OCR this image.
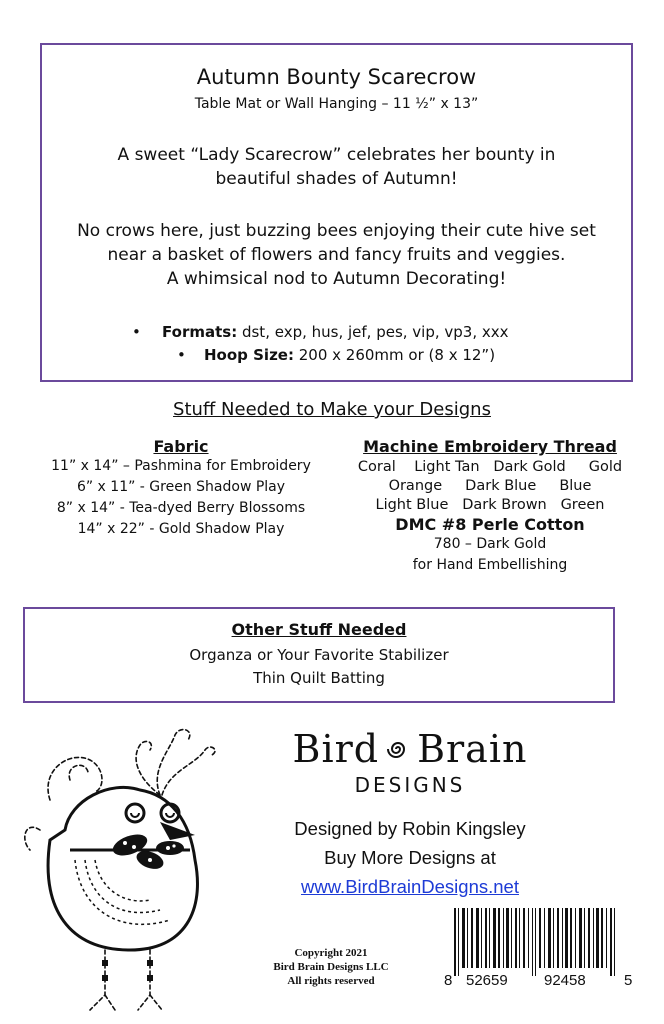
Autumn Bounty Scarecrow
Table Mat or Wall Hanging – 11 ½” x 13”
A sweet “Lady Scarecrow” celebrates her bounty in
beautiful shades of Autumn!
No crows here, just buzzing bees enjoying their cute hive set
near a basket of flowers and fancy fruits and veggies.
A whimsical nod to Autumn Decorating!
• Formats: dst, exp, hus, jef, pes, vip, vp3, xxx
• Hoop Size: 200 x 260mm or (8 x 12”)
Stuff Needed to Make your Designs
Fabric
11” x 14” – Pashmina for Embroidery
6” x 11” - Green Shadow Play
8” x 14” - Tea-dyed Berry Blossoms
14” x 22” - Gold Shadow Play
Machine Embroidery Thread
Coral    Light Tan   Dark Gold     Gold
Orange     Dark Blue     Blue
Light Blue   Dark Brown   Green
DMC #8 Perle Cotton
780 – Dark Gold
for Hand Embellishing
Other Stuff Needed
Organza or Your Favorite Stabilizer
Thin Quilt Batting
Bird Brain
DESIGNS
Designed by Robin Kingsley
Buy More Designs at
www.BirdBrainDesigns.net
Copyright 2021
Bird Brain Designs LLC
All rights reserved	8 52659 92458	5
